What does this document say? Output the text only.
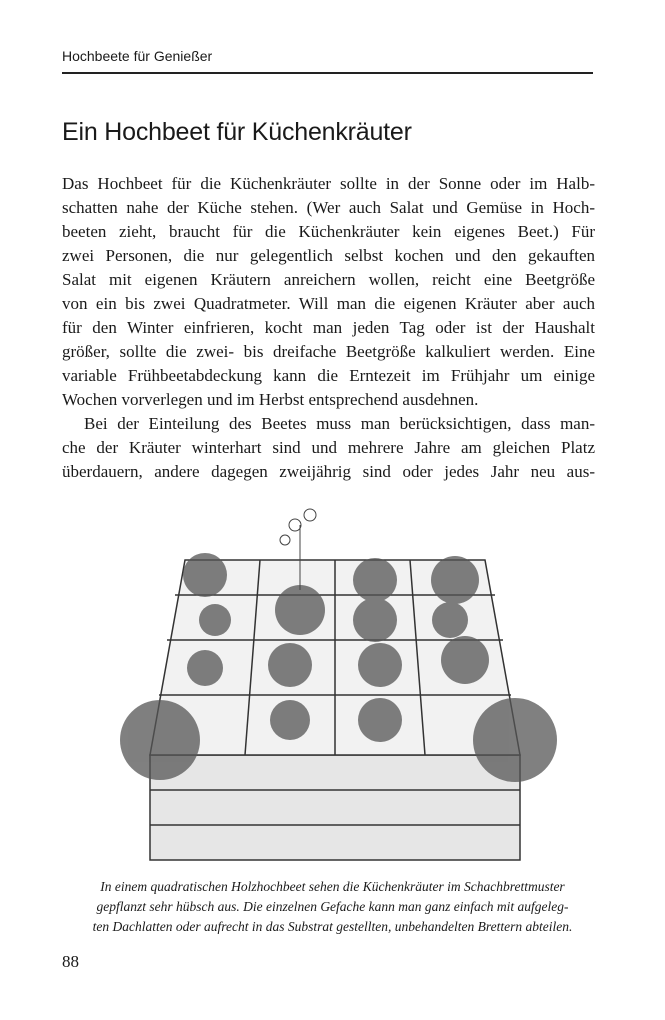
Hochbeete für Genießer
Ein Hochbeet für Küchenkräuter
Das Hochbeet für die Küchenkräuter sollte in der Sonne oder im Halb-
schatten nahe der Küche stehen. (Wer auch Salat und Gemüse in Hoch-
beeten zieht, braucht für die Küchenkräuter kein eigenes Beet.) Für
zwei Personen, die nur gelegentlich selbst kochen und den gekauften
Salat mit eigenen Kräutern anreichern wollen, reicht eine Beetgröße
von ein bis zwei Quadratmeter. Will man die eigenen Kräuter aber auch
für den Winter einfrieren, kocht man jeden Tag oder ist der Haushalt
größer, sollte die zwei- bis dreifache Beetgröße kalkuliert werden. Eine
variable Frühbeetabdeckung kann die Erntezeit im Frühjahr um einige
Wochen vorverlegen und im Herbst entsprechend ausdehnen.
Bei der Einteilung des Beetes muss man berücksichtigen, dass man-
che der Kräuter winterhart sind und mehrere Jahre am gleichen Platz
überdauern, andere dagegen zweijährig sind oder jedes Jahr neu aus-
In einem quadratischen Holzhochbeet sehen die Küchenkräuter im Schachbrettmuster
gepflanzt sehr hübsch aus. Die einzelnen Gefache kann man ganz einfach mit aufgeleg-
ten Dachlatten oder aufrecht in das Substrat gestellten, unbehandelten Brettern abteilen.
88
